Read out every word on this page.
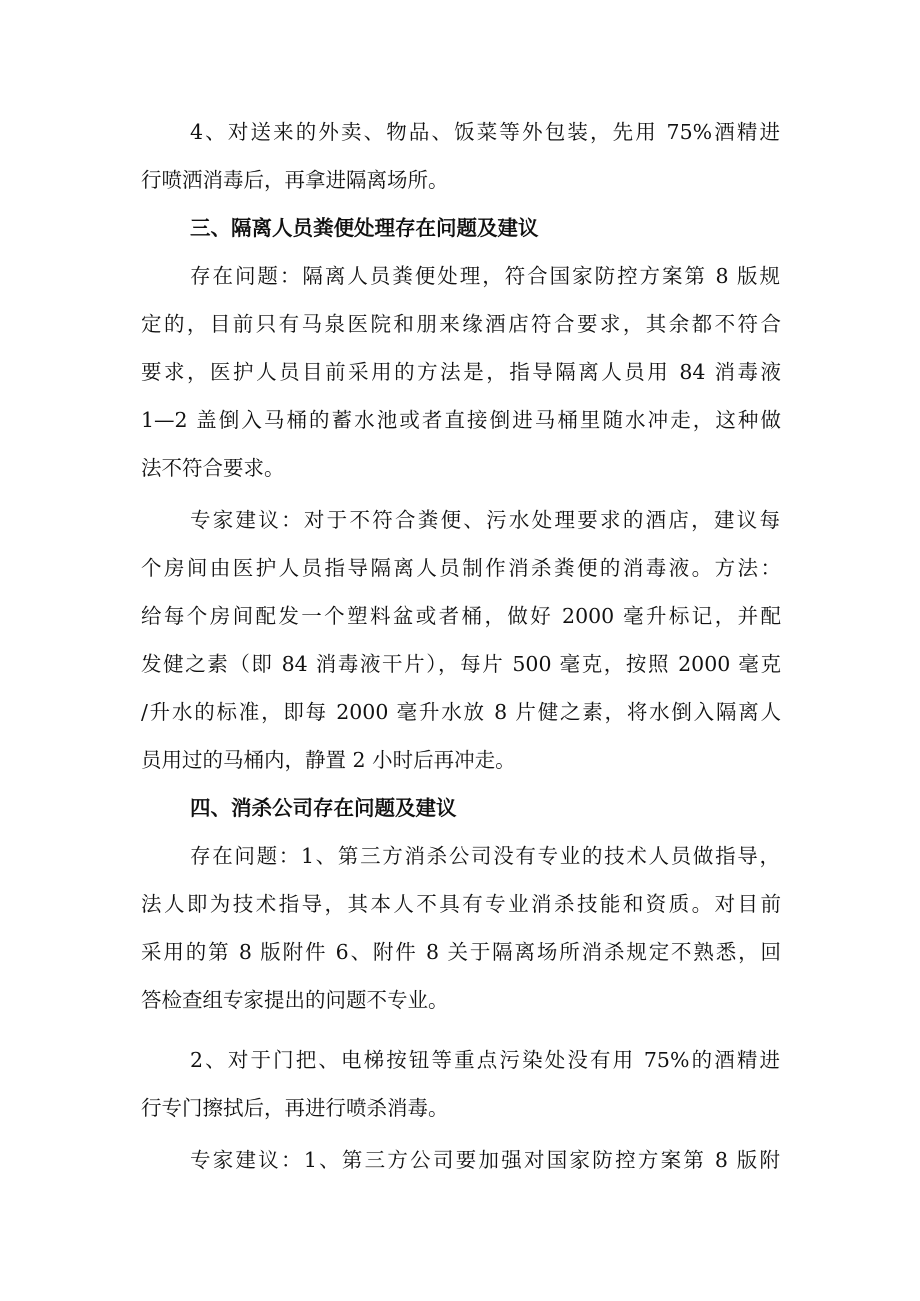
4、对送来的外卖、物品、饭菜等外包装，先用 75%酒精进
行喷洒消毒后，再拿进隔离场所。
三、隔离人员粪便处理存在问题及建议
存在问题：隔离人员粪便处理，符合国家防控方案第 8 版规
定的，目前只有马泉医院和朋来缘酒店符合要求，其余都不符合
要求，医护人员目前采用的方法是，指导隔离人员用 84 消毒液
1—2 盖倒入马桶的蓄水池或者直接倒进马桶里随水冲走，这种做
法不符合要求。
专家建议：对于不符合粪便、污水处理要求的酒店，建议每
个房间由医护人员指导隔离人员制作消杀粪便的消毒液。方法：
给每个房间配发一个塑料盆或者桶，做好 2000 毫升标记，并配
发健之素（即 84 消毒液干片），每片 500 毫克，按照 2000 毫克
/升水的标准，即每 2000 毫升水放 8 片健之素，将水倒入隔离人
员用过的马桶内，静置 2 小时后再冲走。
四、消杀公司存在问题及建议
存在问题：1、第三方消杀公司没有专业的技术人员做指导，
法人即为技术指导，其本人不具有专业消杀技能和资质。对目前
采用的第 8 版附件 6、附件 8 关于隔离场所消杀规定不熟悉，回
答检查组专家提出的问题不专业。
2、对于门把、电梯按钮等重点污染处没有用 75%的酒精进
行专门擦拭后，再进行喷杀消毒。
专家建议：1、第三方公司要加强对国家防控方案第 8 版附
